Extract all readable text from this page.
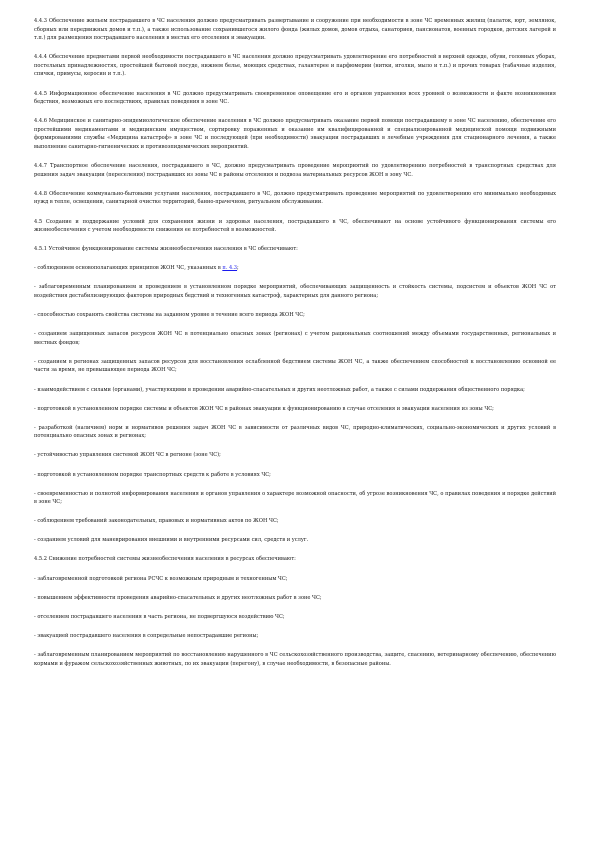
4.4.3 Обеспечение жильем пострадавшего в ЧС населения должно предусматривать развертывание и сооружение при необходимости в зоне ЧС временных жилищ (палаток, юрт, землянок, сборных или передвижных домов и т.п.), а также использование сохранившегося жилого фонда (жилых домов, домов отдыха, санаториев, пансионатов, военных городков, детских лагерей и т.п.) для размещения пострадавшего населения в местах его отселения и эвакуации.

4.4.4 Обеспечение предметами первой необходимости пострадавшего в ЧС населения должно предусматривать удовлетворение его потребностей в верхней одежде, обуви, головных уборах, постельных принадлежностях, простейшей бытовой посуде, нижнем белье, моющих средствах, галантерее и парфюмерии (нитки, иголки, мыло и т.п.) и прочих товарах (табачные изделия, спички, примусы, керосин и т.п.).

4.4.5 Информационное обеспечение населения в ЧС должно предусматривать своевременное оповещение его и органов управления всех уровней о возможности и факте возникновения бедствия, возможных его последствиях, правилах поведения в зоне ЧС.

4.4.6 Медицинское и санитарно-эпидемиологическое обеспечение населения в ЧС должно предусматривать оказание первой помощи пострадавшему в зоне ЧС населению, обеспечение его простейшими медикаментами и медицинским имуществом, сортировку пораженных и оказание им квалифицированной и специализированной медицинской помощи подвижными формированиями службы «Медицина катастроф» в зоне ЧС и последующей (при необходимости) эвакуации пострадавших в лечебные учреждения для стационарного лечения, а также выполнение санитарно-гигиенических и противоэпидемических мероприятий.

4.4.7 Транспортное обеспечение населения, пострадавшего в ЧС, должно предусматривать проведение мероприятий по удовлетворению потребностей в транспортных средствах для решения задач эвакуации (переселения) пострадавших из зоны ЧС в районы отселения и подвоза материальных ресурсов ЖОН в зону ЧС.

4.4.8 Обеспечение коммунально-бытовыми услугами населения, пострадавшего в ЧС, должно предусматривать проведение мероприятий по удовлетворению его минимально необходимых нужд в тепле, освещении, санитарной очистке территорий, банно-прачечном, ритуальном обслуживании.

4.5 Создание и поддержание условий для сохранения жизни и здоровья населения, пострадавшего в ЧС, обеспечивают на основе устойчивого функционирования системы его жизнеобеспечения с учетом необходимости снижения ее потребностей в возможностей.

4.5.1 Устойчивое функционирование системы жизнеобеспечения населения в ЧС обеспечивают:

- соблюдением основополагающих принципов ЖОН ЧС, указанных в п. 4.3;

- заблаговременным планированием и проведением в установленном порядке мероприятий, обеспечивающих защищенность и стойкость системы, подсистем и объектов ЖОН ЧС от воздействия дестабилизирующих факторов природных бедствий и техногенных катастроф, характерных для данного региона;

- способностью сохранять свойства системы на заданном уровне в течение всего периода ЖОН ЧС;

- созданием защищенных запасов ресурсов ЖОН ЧС в потенциально опасных зонах (регионах) с учетом рациональных соотношений между объемами государственных, региональных и местных фондов;

- созданием в регионах защищенных запасов ресурсов для восстановления ослабленной бедствием системы ЖОН ЧС, а также обеспечением способностей к восстановлению основной ее части за время, не превышающее периода ЖОН ЧС;

- взаимодействием с силами (органами), участвующими в проведении аварийно-спасательных и других неотложных работ, а также с силами поддержания общественного порядка;

- подготовкой в установленном порядке системы и объектов ЖОН ЧС в районах эвакуации к функционированию в случае отселения и эвакуации населения из зоны ЧС;

- разработкой (наличием) норм и нормативов решения задач ЖОН ЧС в зависимости от различных видов ЧС, природно-климатических, социально-экономических и других условий в потенциально опасных зонах и регионах;

- устойчивостью управления системой ЖОН ЧС в регионе (зоне ЧС);

- подготовкой в установленном порядке транспортных средств к работе в условиях ЧС;

- своевременностью и полнотой информирования населения и органов управления о характере возможной опасности, об угрозе возникновения ЧС, о правилах поведения и порядке действий в зоне ЧС;

- соблюдением требований законодательных, правовых и нормативных актов по ЖОН ЧС;

- созданием условий для маневрирования внешними и внутренними ресурсами сил, средств и услуг.

4.5.2 Снижение потребностей системы жизнеобеспечения населения в ресурсах обеспечивают:

- заблаговременной подготовкой региона РСЧС к возможным природным и техногенным ЧС;

- повышением эффективности проведения аварийно-спасательных и других неотложных работ в зоне ЧС;

- отселением пострадавшего населения в часть региона, не подвергшуюся воздействию ЧС;

- эвакуацией пострадавшего населения в сопредельные непострадавшие регионы;

- заблаговременным планированием мероприятий по восстановлению нарушенного в ЧС сельскохозяйственного производства, защите, спасению, ветеринарному обеспечению, обеспечению кормами и фуражом сельскохозяйственных животных, по их эвакуации (перегону), в случае необходимости, в безопасные районы.
